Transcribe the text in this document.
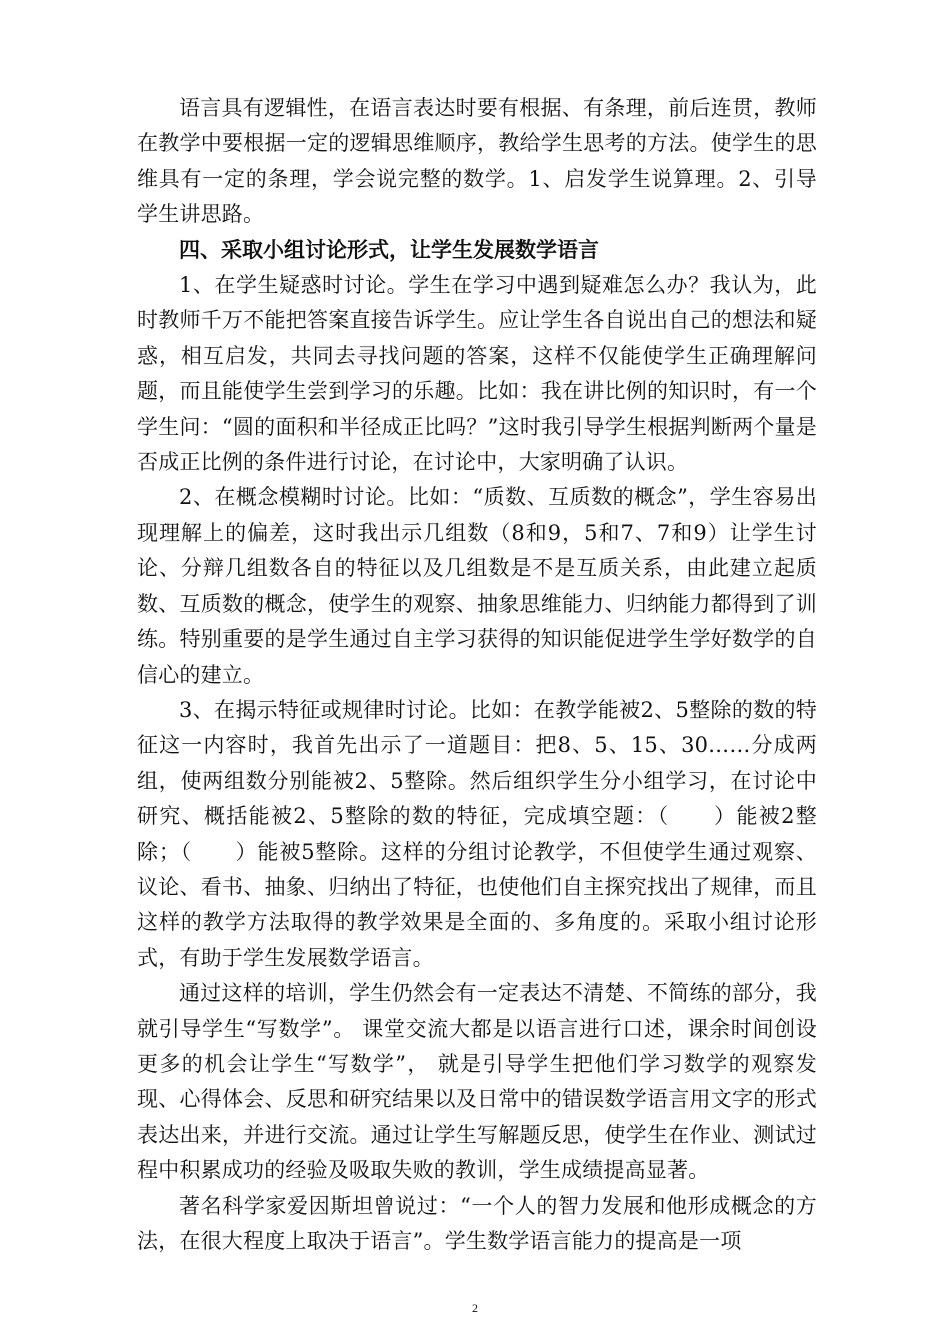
语言具有逻辑性，在语言表达时要有根据、有条理，前后连贯，教师在教学中要根据一定的逻辑思维顺序，教给学生思考的方法。使学生的思维具有一定的条理，学会说完整的数学。1、启发学生说算理。2、引导学生讲思路。

四、采取小组讨论形式，让学生发展数学语言

1、在学生疑惑时讨论。学生在学习中遇到疑难怎么办？我认为，此时教师千万不能把答案直接告诉学生。应让学生各自说出自己的想法和疑惑，相互启发，共同去寻找问题的答案，这样不仅能使学生正确理解问题，而且能使学生尝到学习的乐趣。比如：我在讲比例的知识时，有一个学生问：“圆的面积和半径成正比吗？”这时我引导学生根据判断两个量是否成正比例的条件进行讨论，在讨论中，大家明确了认识。

2、在概念模糊时讨论。比如：“质数、互质数的概念”，学生容易出现理解上的偏差，这时我出示几组数（8和9，5和7、7和9）让学生讨论、分辩几组数各自的特征以及几组数是不是互质关系，由此建立起质数、互质数的概念，使学生的观察、抽象思维能力、归纳能力都得到了训练。特别重要的是学生通过自主学习获得的知识能促进学生学好数学的自信心的建立。

3、在揭示特征或规律时讨论。比如：在教学能被2、5整除的数的特征这一内容时，我首先出示了一道题目：把8、5、15、30……分成两组，使两组数分别能被2、5整除。然后组织学生分小组学习，在讨论中研究、概括能被2、5整除的数的特征，完成填空题：（　　）能被2整除；（　　）能被5整除。这样的分组讨论教学，不但使学生通过观察、议论、看书、抽象、归纳出了特征，也使他们自主探究找出了规律，而且这样的教学方法取得的教学效果是全面的、多角度的。采取小组讨论形式，有助于学生发展数学语言。

通过这样的培训，学生仍然会有一定表达不清楚、不简练的部分，我就引导学生“写数学”。 课堂交流大都是以语言进行口述，课余时间创设更多的机会让学生“写数学”， 就是引导学生把他们学习数学的观察发现、心得体会、反思和研究结果以及日常中的错误数学语言用文字的形式表达出来，并进行交流。通过让学生写解题反思，使学生在作业、测试过程中积累成功的经验及吸取失败的教训，学生成绩提高显著。

著名科学家爱因斯坦曾说过：“一个人的智力发展和他形成概念的方法，在很大程度上取决于语言”。学生数学语言能力的提高是一项

2
